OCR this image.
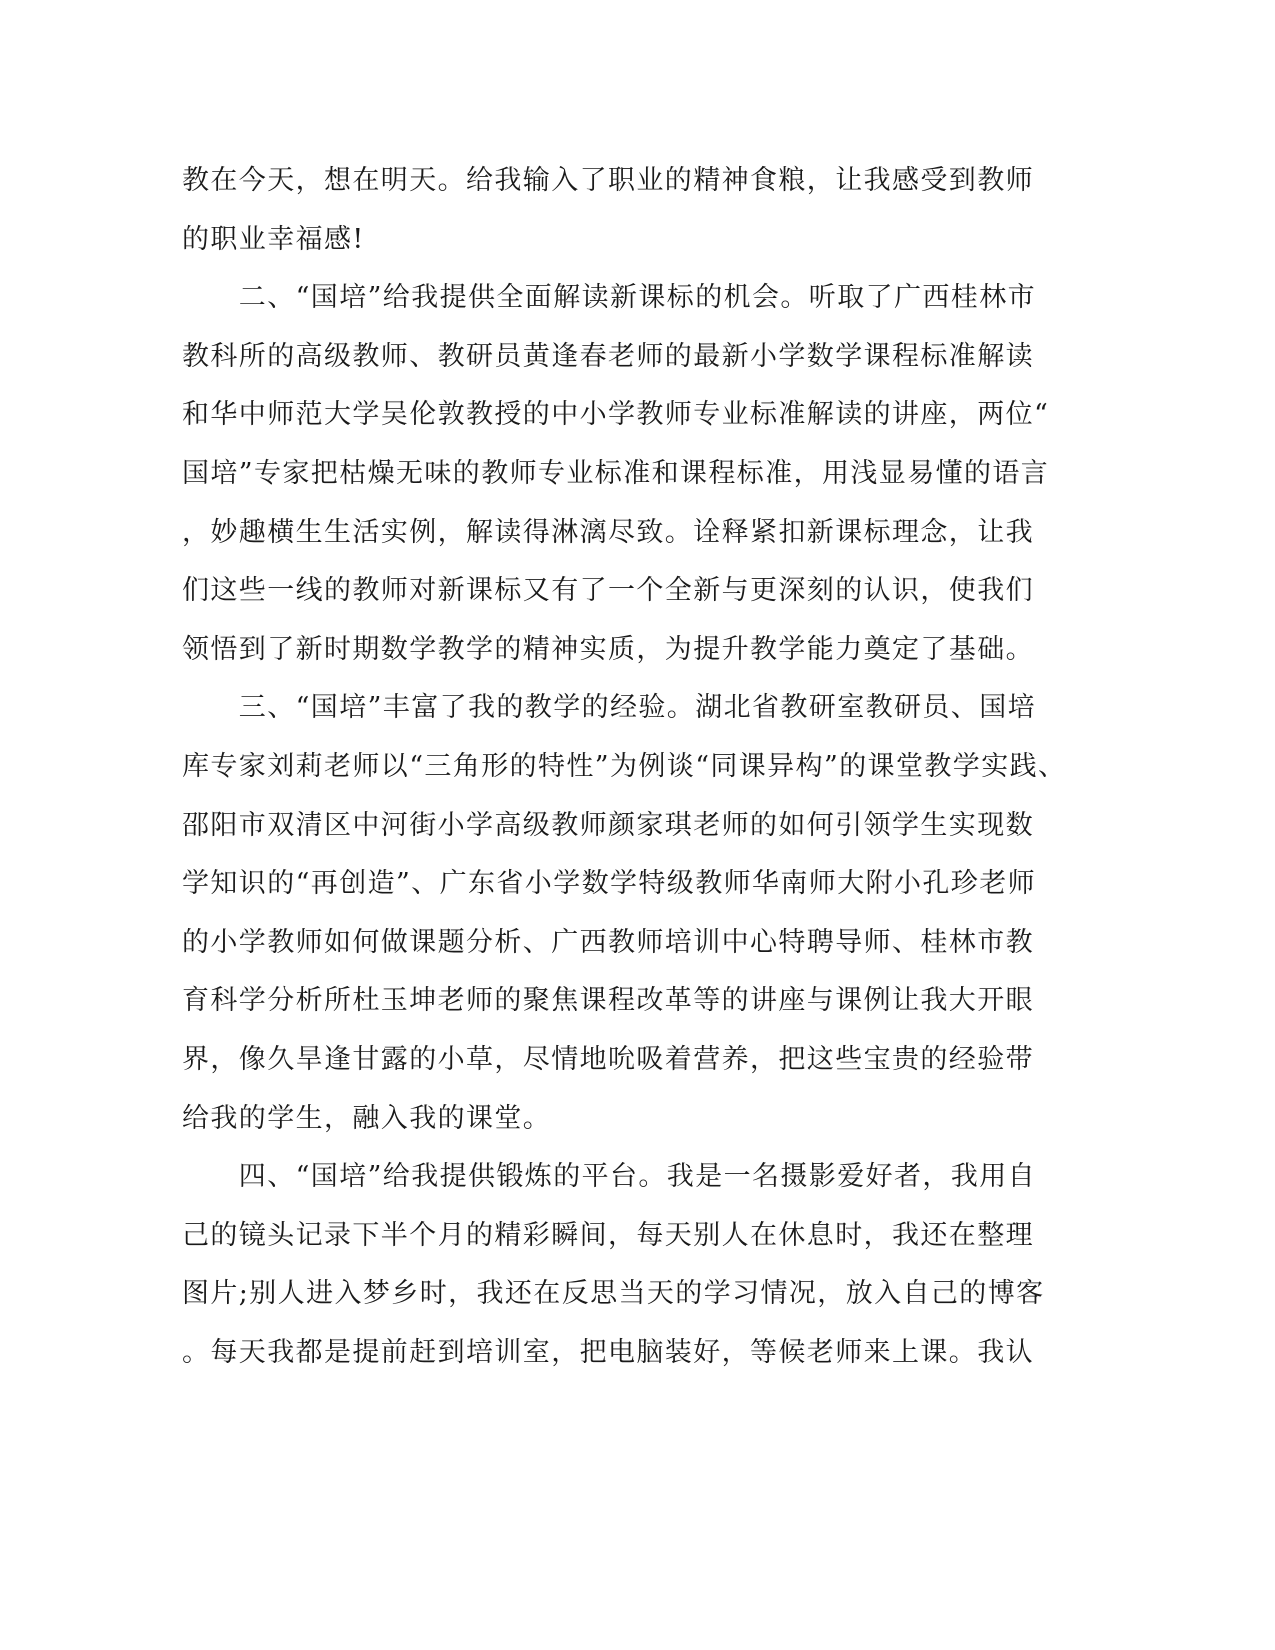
教在今天，想在明天。给我输入了职业的精神食粮，让我感受到教师
的职业幸福感!
　　二、“国培”给我提供全面解读新课标的机会。听取了广西桂林市
教科所的高级教师、教研员黄逢春老师的最新小学数学课程标准解读
和华中师范大学吴伦敦教授的中小学教师专业标准解读的讲座，两位“
国培”专家把枯燥无味的教师专业标准和课程标准，用浅显易懂的语言
，妙趣横生生活实例，解读得淋漓尽致。诠释紧扣新课标理念，让我
们这些一线的教师对新课标又有了一个全新与更深刻的认识，使我们
领悟到了新时期数学教学的精神实质，为提升教学能力奠定了基础。
　　三、“国培”丰富了我的教学的经验。湖北省教研室教研员、国培
库专家刘莉老师以“三角形的特性”为例谈“同课异构”的课堂教学实践、
邵阳市双清区中河街小学高级教师颜家琪老师的如何引领学生实现数
学知识的“再创造”、广东省小学数学特级教师华南师大附小孔珍老师
的小学教师如何做课题分析、广西教师培训中心特聘导师、桂林市教
育科学分析所杜玉坤老师的聚焦课程改革等的讲座与课例让我大开眼
界，像久旱逢甘露的小草，尽情地吮吸着营养，把这些宝贵的经验带
给我的学生，融入我的课堂。
　　四、“国培”给我提供锻炼的平台。我是一名摄影爱好者，我用自
己的镜头记录下半个月的精彩瞬间，每天别人在休息时，我还在整理
图片;别人进入梦乡时，我还在反思当天的学习情况，放入自己的博客
。每天我都是提前赶到培训室，把电脑装好，等候老师来上课。我认
